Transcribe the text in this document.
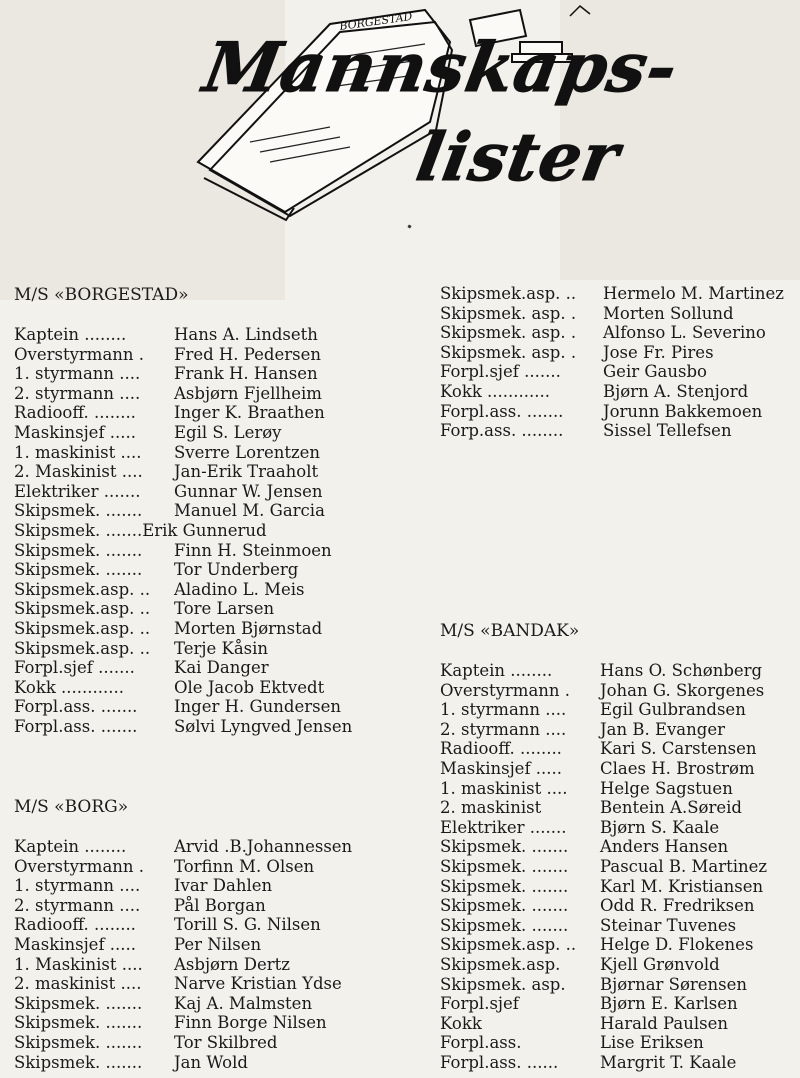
BORGESTAD
Mannskaps-
lister
M/S «BORGESTAD»
Kaptein ........	Hans A. Lindseth
Overstyrmann .	Fred H. Pedersen
1. styrmann ....	Frank H. Hansen
2. styrmann ....	Asbjørn Fjellheim
Radiooff. ........	Inger K. Braathen
Maskinsjef .....	Egil S. Lerøy
1. maskinist ....	Sverre Lorentzen
2. Maskinist ....	Jan-Erik Traaholt
Elektriker .......	Gunnar W. Jensen
Skipsmek. .......	Manuel M. Garcia
Skipsmek. .......Erik Gunnerud
Skipsmek. .......	Finn H. Steinmoen
Skipsmek. .......	Tor Underberg
Skipsmek.asp. ..	Aladino L. Meis
Skipsmek.asp. ..	Tore Larsen
Skipsmek.asp. ..	Morten Bjørnstad
Skipsmek.asp. ..	Terje Kåsin
Forpl.sjef .......	Kai Danger
Kokk ............	Ole Jacob Ektvedt
Forpl.ass. .......	Inger H. Gundersen
Forpl.ass. .......	Sølvi Lyngved Jensen
Skipsmek.asp. ..	Hermelo M. Martinez
Skipsmek. asp. .	Morten Sollund
Skipsmek. asp. .	Alfonso L. Severino
Skipsmek. asp. .	Jose Fr. Pires
Forpl.sjef .......	Geir Gausbo
Kokk ............	Bjørn A. Stenjord
Forpl.ass. .......	Jorunn Bakkemoen
Forp.ass. ........	Sissel Tellefsen
M/S «BORG»
Kaptein ........	Arvid .B.Johannessen
Overstyrmann .	Torfinn M. Olsen
1. styrmann ....	Ivar Dahlen
2. styrmann ....	Pål Borgan
Radiooff. ........	Torill S. G. Nilsen
Maskinsjef .....	Per Nilsen
1. Maskinist ....	Asbjørn Dertz
2. maskinist ....	Narve Kristian Ydse
Skipsmek. .......	Kaj A. Malmsten
Skipsmek. .......	Finn Borge Nilsen
Skipsmek. .......	Tor Skilbred
Skipsmek. .......	Jan Wold
M/S «BANDAK»
Kaptein ........	Hans O. Schønberg
Overstyrmann .	Johan G. Skorgenes
1. styrmann ....	Egil Gulbrandsen
2. styrmann ....	Jan B. Evanger
Radiooff. ........	Kari S. Carstensen
Maskinsjef .....	Claes H. Brostrøm
1. maskinist ....	Helge Sagstuen
2. maskinist	Bentein A.Søreid
Elektriker .......	Bjørn S. Kaale
Skipsmek. .......	Anders Hansen
Skipsmek. .......	Pascual B. Martinez
Skipsmek. .......	Karl M. Kristiansen
Skipsmek. .......	Odd R. Fredriksen
Skipsmek. .......	Steinar Tuvenes
Skipsmek.asp. ..	Helge D. Flokenes
Skipsmek.asp.	Kjell Grønvold
Skipsmek. asp.	Bjørnar Sørensen
Forpl.sjef	Bjørn E. Karlsen
Kokk	Harald Paulsen
Forpl.ass.	Lise Eriksen
Forpl.ass. ......	Margrit T. Kaale
